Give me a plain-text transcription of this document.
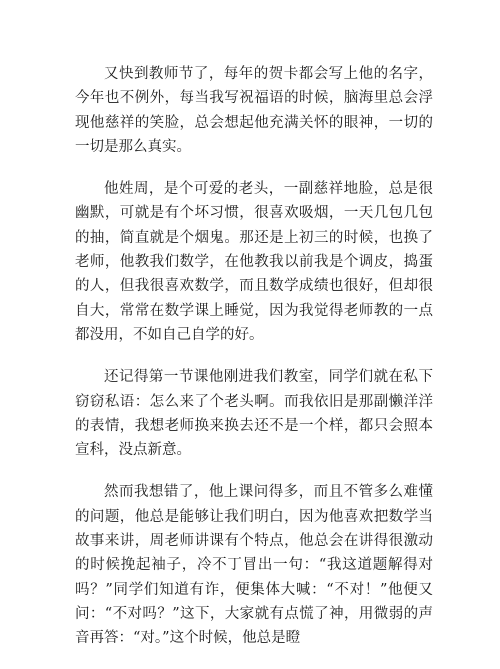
又快到教师节了，每年的贺卡都会写上他的名字，今年也不例外，每当我写祝福语的时候，脑海里总会浮现他慈祥的笑脸，总会想起他充满关怀的眼神，一切的一切是那么真实。

他姓周，是个可爱的老头，一副慈祥地脸，总是很幽默，可就是有个坏习惯，很喜欢吸烟，一天几包几包的抽，简直就是个烟鬼。那还是上初三的时候，也换了老师，他教我们数学，在他教我以前我是个调皮，捣蛋的人，但我很喜欢数学，而且数学成绩也很好，但却很自大，常常在数学课上睡觉，因为我觉得老师教的一点都没用，不如自己自学的好。

还记得第一节课他刚进我们教室，同学们就在私下窃窃私语：怎么来了个老头啊。而我依旧是那副懒洋洋的表情，我想老师换来换去还不是一个样，都只会照本宣科，没点新意。

然而我想错了，他上课问得多，而且不管多么难懂的问题，他总是能够让我们明白，因为他喜欢把数学当故事来讲，周老师讲课有个特点，他总会在讲得很激动的时候挽起袖子，冷不丁冒出一句：“我这道题解得对吗？”同学们知道有诈，便集体大喊：“不对！”他便又问：“不对吗？”这下，大家就有点慌了神，用微弱的声音再答：“对。”这个时候，他总是瞪
